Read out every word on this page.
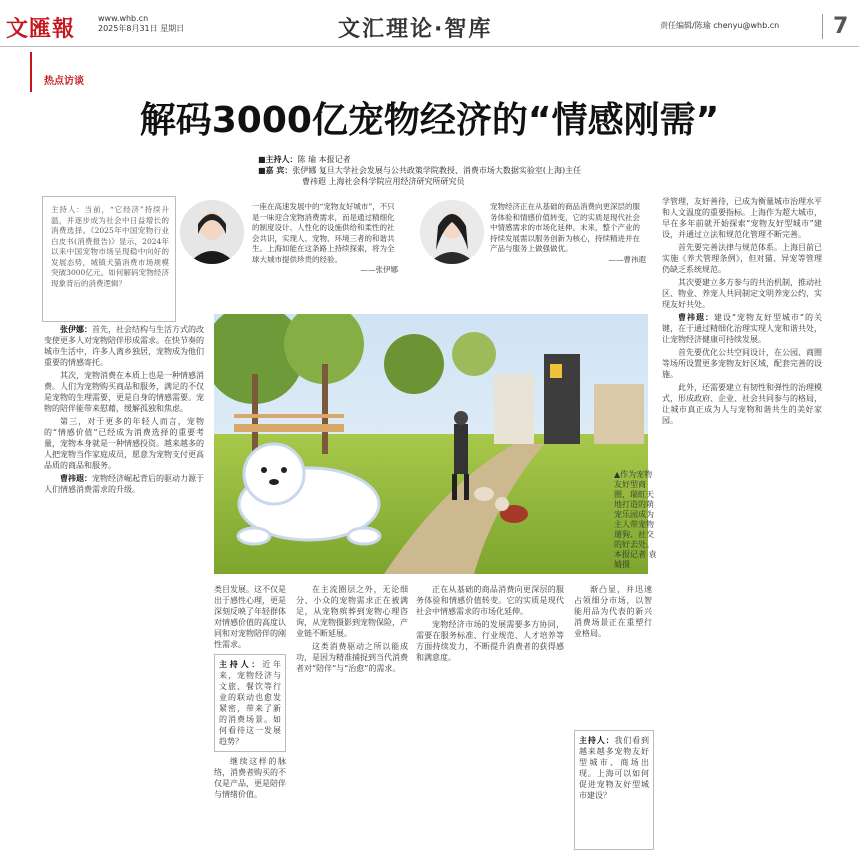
文匯報	www.whb.cn
2025年8月31日 星期日	文汇理论·智库	责任编辑/陈瑜 chenyu@whb.cn	7
热点访谈
解码3000亿宠物经济的“情感刚需”
■主持人：陈 瑜 本报记者
■嘉 宾：张伊娜 复旦大学社会发展与公共政策学院教授、消费市场大数据实验室(上海)主任
曹祎遐 上海社会科学院应用经济研究所研究员
主持人：当前，“它经济”持续升温，并逐步成为社会中日益增长的消费选择。《2025年中国宠物行业白皮书(消费报告)》显示，2024年以来中国宠物市场呈现稳中向好的发展态势，城镇犬猫消费市场规模突破3000亿元。如何解码宠物经济现象背后的消费逻辑？
一座在高速发展中的“宠物友好城市”，不只是一味迎合宠物消费需求，而是通过精细化的制度设计、人性化的设施供给和柔性的社会共识，实现人、宠物、环境三者的和谐共生。上海如能在这条路上持续探索，将为全球大城市提供珍贵的经验。
——张伊娜
宠物经济正在从基础的商品消费向更深层的服务体验和情感价值转变，它的实质是现代社会中情感需求的市场化延伸。未来，整个产业的持续发展需以服务创新为核心，持续精进并在产品与服务上做强做优。
——曹祎遐
▲作为宠物友好型商圈，瑞虹天地打造的萌宠乐园成为主人带宠物遛狗、社交的好去处。本报记者 袁婧摄

张伊娜：首先，社会结构与生活方式的改变使更多人对宠物陪伴形成需求。在快节奏的城市生活中，许多人离乡独居，宠物成为他们重要的情感寄托。

其次，宠物消费在本质上也是一种情感消费。人们为宠物购买商品和服务，满足的不仅是宠物的生理需要，更是自身的情感需要。宠物的陪伴能带来慰藉，缓解孤独和焦虑。

第三，对于更多的年轻人而言，宠物的“情感价值”已经成为消费选择的重要考量，宠物本身就是一种情感投资。越来越多的人把宠物当作家庭成员，愿意为宠物支付更高品质的商品和服务。

曹祎遐：宠物经济崛起背后的驱动力源于人们情感消费需求的升级。

类目发展。这不仅是出于感性心理，更是深刻反映了年轻群体对情感价值的高度认同和对宠物陪伴的刚性需求。

主持人：近年来，宠物经济与文旅、餐饮等行业的联动也愈发紧密，带来了新的消费场景。如何看待这一发展趋势？

继续这样的脉络，消费者购买的不仅是产品，更是陪伴与情绪价值。

在主流圈层之外，无论细分、小众的宠物需求正在被满足，从宠物殡葬到宠物心理咨询，从宠物摄影到宠物保险，产业链不断延展。

这类消费驱动之所以能成功，是因为精准捕捉到当代消费者对“陪伴”与“治愈”的需求。

正在从基础的商品消费向更深层的服务体验和情感价值转变。它的实质是现代社会中情感需求的市场化延伸。

宠物经济市场的发展需要多方协同，需要在服务标准、行业规范、人才培养等方面持续发力，不断提升消费者的获得感和满意度。

渐凸显，并迅速占领细分市场，以智能用品为代表的新兴消费场景正在重塑行业格局。

主持人：我们看到越来越多宠物友好型城市、商场出现。上海可以如何促进宠物友好型城市建设？

学管理，友好善待，已成为衡量城市治理水平和人文温度的重要指标。上海作为超大城市，早在多年前就开始探索“宠物友好型城市”建设，并通过立法和规范化管理不断完善。

首先要完善法律与规范体系。上海目前已实施《养犬管理条例》，但对猫、异宠等管理仍缺乏系统规范。

其次要建立多方参与的共治机制，推动社区、物业、养宠人共同制定文明养宠公约，实现友好共处。

曹祎遐：建设“宠物友好型城市”的关键，在于通过精细化治理实现人宠和谐共处，让宠物经济健康可持续发展。

首先要优化公共空间设计，在公园、商圈等场所设置更多宠物友好区域，配套完善的设施。

此外，还需要建立有韧性和弹性的治理模式，形成政府、企业、社会共同参与的格局，让城市真正成为人与宠物和谐共生的美好家园。
